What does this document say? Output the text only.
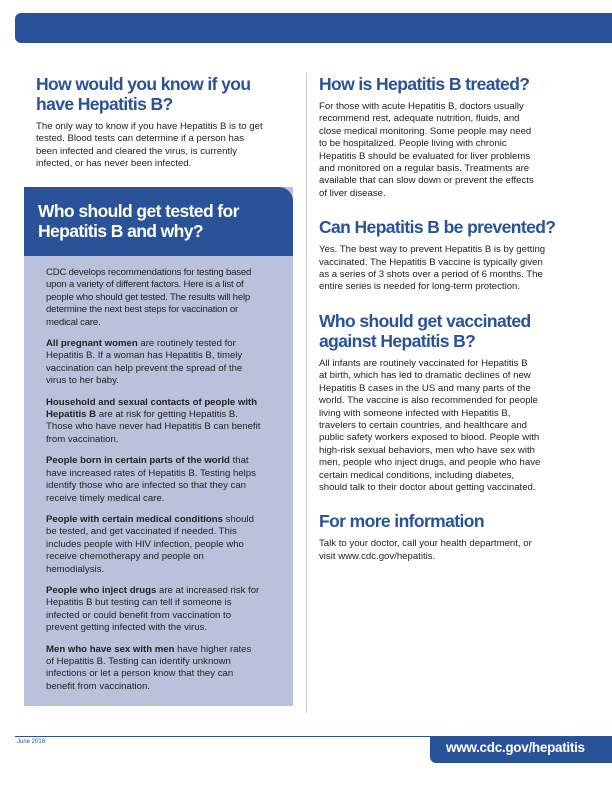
How would you know if you
have Hepatitis B?

The only way to know if you have Hepatitis B is to get
tested. Blood tests can determine if a person has
been infected and cleared the virus, is currently
infected, or has never been infected.

Who should get tested for
Hepatitis B and why?

CDC develops recommendations for testing based
upon a variety of different factors. Here is a list of
people who should get tested. The results will help
determine the next best steps for vaccination or
medical care.

All pregnant women are routinely tested for
Hepatitis B. If a woman has Hepatitis B, timely
vaccination can help prevent the spread of the
virus to her baby.

Household and sexual contacts of people with
Hepatitis B are at risk for getting Hepatitis B.
Those who have never had Hepatitis B can benefit
from vaccination.

People born in certain parts of the world that
have increased rates of Hepatitis B. Testing helps
identify those who are infected so that they can
receive timely medical care.

People with certain medical conditions should
be tested, and get vaccinated if needed. This
includes people with HIV infection, people who
receive chemotherapy and people on
hemodialysis.

People who inject drugs are at increased risk for
Hepatitis B but testing can tell if someone is
infected or could benefit from vaccination to
prevent getting infected with the virus.

Men who have sex with men have higher rates
of Hepatitis B. Testing can identify unknown
infections or let a person know that they can
benefit from vaccination.

How is Hepatitis B treated?

For those with acute Hepatitis B, doctors usually
recommend rest, adequate nutrition, fluids, and
close medical monitoring. Some people may need
to be hospitalized. People living with chronic
Hepatitis B should be evaluated for liver problems
and monitored on a regular basis. Treatments are
available that can slow down or prevent the effects
of liver disease.

Can Hepatitis B be prevented?

Yes. The best way to prevent Hepatitis B is by getting
vaccinated. The Hepatitis B vaccine is typically given
as a series of 3 shots over a period of 6 months. The
entire series is needed for long-term protection.

Who should get vaccinated
against Hepatitis B?

All infants are routinely vaccinated for Hepatitis B
at birth, which has led to dramatic declines of new
Hepatitis B cases in the US and many parts of the
world. The vaccine is also recommended for people
living with someone infected with Hepatitis B,
travelers to certain countries, and healthcare and
public safety workers exposed to blood. People with
high-risk sexual behaviors, men who have sex with
men, people who inject drugs, and people who have
certain medical conditions, including diabetes,
should talk to their doctor about getting vaccinated.

For more information

Talk to your doctor, call your health department, or
visit www.cdc.gov/hepatitis.

June 2016	www.cdc.gov/hepatitis
